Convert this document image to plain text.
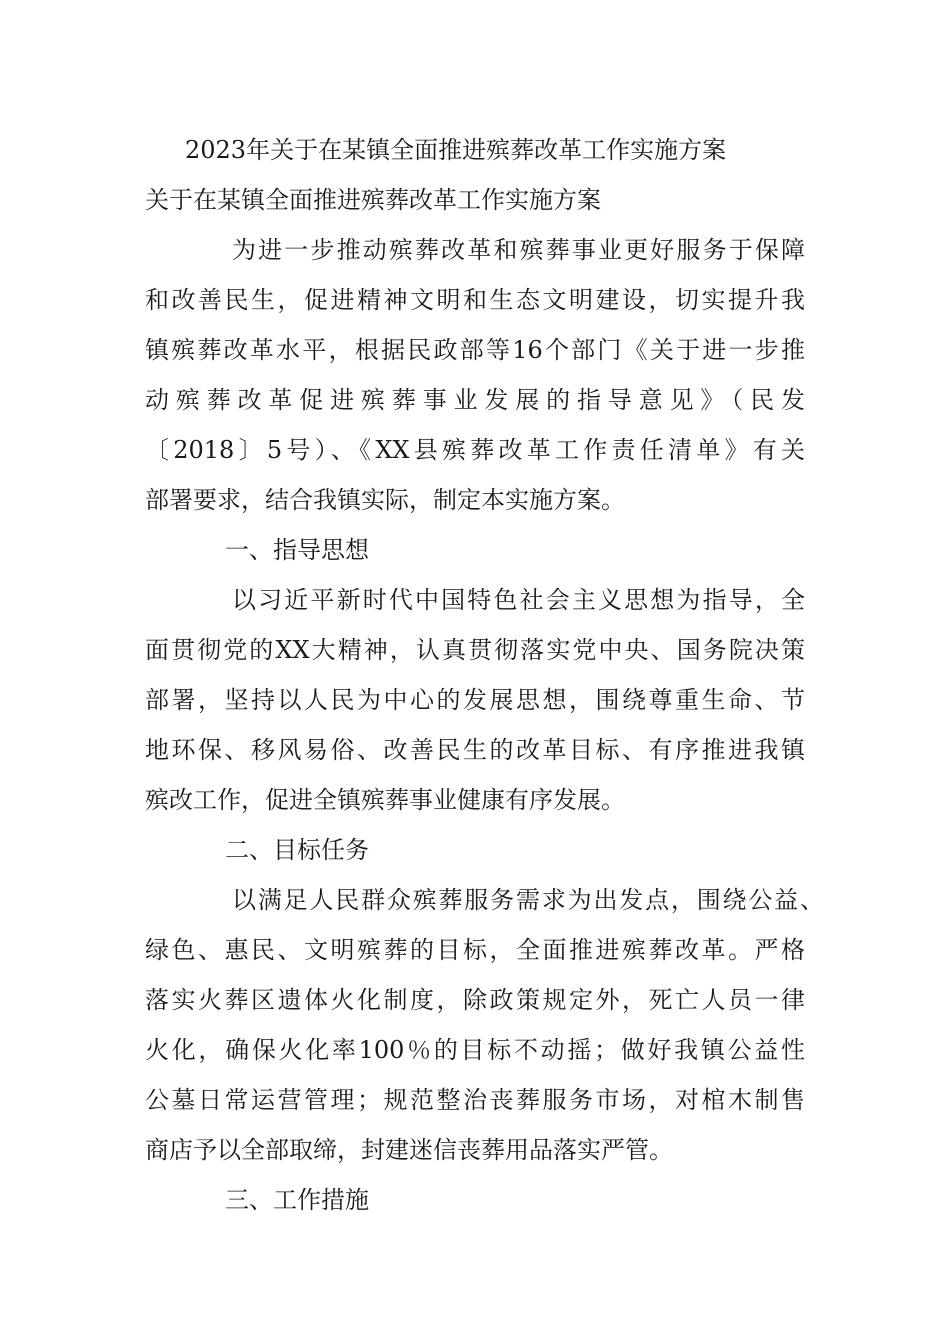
2023年关于在某镇全面推进殡葬改革工作实施方案

关于在某镇全面推进殡葬改革工作实施方案

为进一步推动殡葬改革和殡葬事业更好服务于保障

和改善民生，促进精神文明和生态文明建设，切实提升我

镇殡葬改革水平，根据民政部等16个部门《关于进一步推

动殡葬改革促进殡葬事业发展的指导意见》（民发

〔2018〕5号）、《XX县殡葬改革工作责任清单》有关

部署要求，结合我镇实际，制定本实施方案。

一、指导思想

以习近平新时代中国特色社会主义思想为指导，全

面贯彻党的XX大精神，认真贯彻落实党中央、国务院决策

部署，坚持以人民为中心的发展思想，围绕尊重生命、节

地环保、移风易俗、改善民生的改革目标、有序推进我镇

殡改工作，促进全镇殡葬事业健康有序发展。

二、目标任务

以满足人民群众殡葬服务需求为出发点，围绕公益、

绿色、惠民、文明殡葬的目标，全面推进殡葬改革。严格

落实火葬区遗体火化制度，除政策规定外，死亡人员一律

火化，确保火化率100％的目标不动摇；做好我镇公益性

公墓日常运营管理；规范整治丧葬服务市场，对棺木制售

商店予以全部取缔，封建迷信丧葬用品落实严管。

三、工作措施
